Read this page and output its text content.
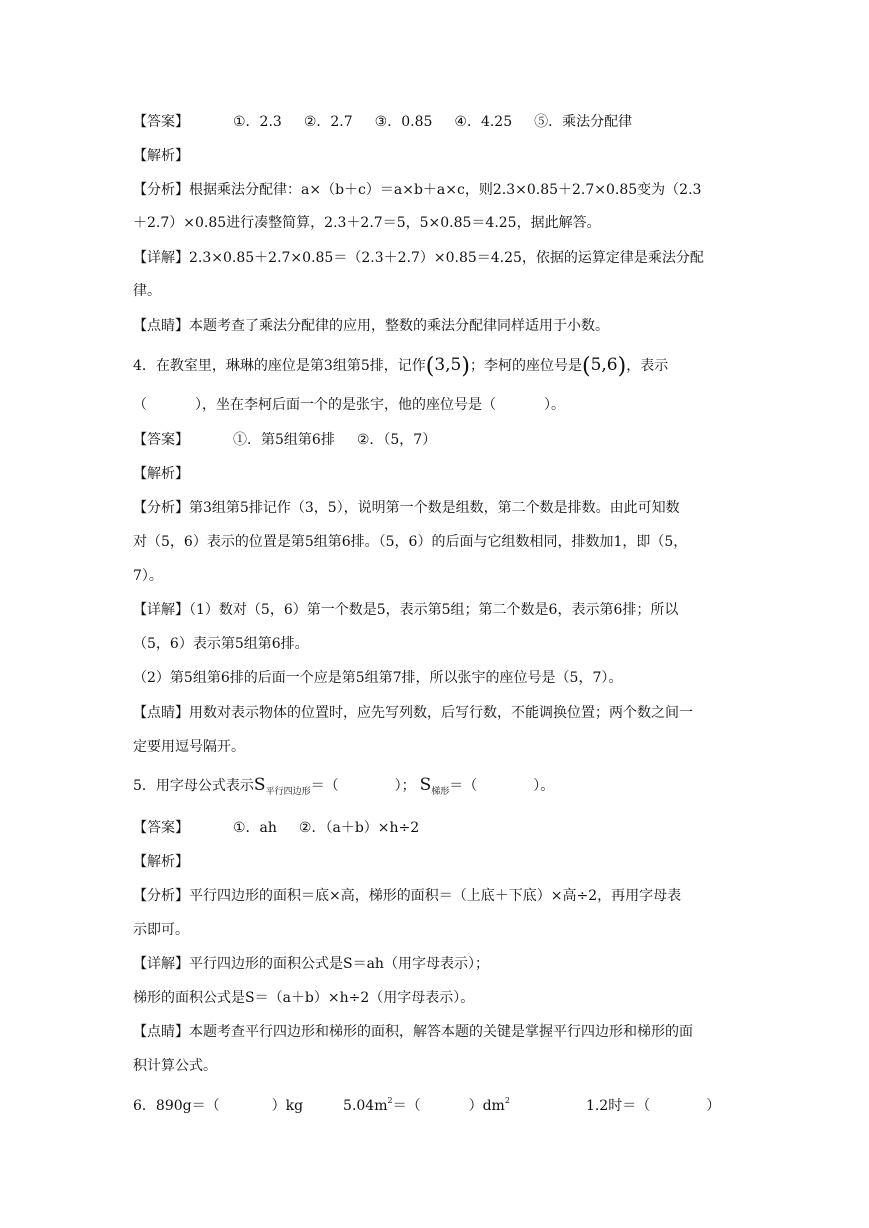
【答案】	①．2.3 ②．2.7 ③．0.85 ④．4.25 ⑤．乘法分配律
【解析】
【分析】根据乘法分配律：a×（b＋c）＝a×b＋a×c，则2.3×0.85＋2.7×0.85变为（2.3
＋2.7）×0.85进行凑整简算，2.3＋2.7＝5，5×0.85＝4.25，据此解答。
【详解】2.3×0.85＋2.7×0.85＝（2.3＋2.7）×0.85＝4.25，依据的运算定律是乘法分配
律。
【点睛】本题考查了乘法分配律的应用，整数的乘法分配律同样适用于小数。
4．在教室里，琳琳的座位是第3组第5排，记作(3,5)；李柯的座位号是(5,6)，表示
（	），坐在李柯后面一个的是张宇，他的座位号是（	）。
【答案】	①．第5组第6排 ②．（5，7）
【解析】
【分析】第3组第5排记作（3，5），说明第一个数是组数，第二个数是排数。由此可知数
对（5，6）表示的位置是第5组第6排。（5，6）的后面与它组数相同，排数加1，即（5，
7）。
【详解】（1）数对（5，6）第一个数是5，表示第5组；第二个数是6，表示第6排；所以
（5，6）表示第5组第6排。
（2）第5组第6排的后面一个应是第5组第7排，所以张宇的座位号是（5，7）。
【点睛】用数对表示物体的位置时，应先写列数，后写行数，不能调换位置；两个数之间一
定要用逗号隔开。
5．用字母公式表示$S_{平行四边形}=$（	）； $S_{梯形}=$（	）。
【答案】	①．ah ②．（a＋b）×h÷2
【解析】
【分析】平行四边形的面积＝底×高，梯形的面积＝（上底＋下底）×高÷2，再用字母表
示即可。
【详解】平行四边形的面积公式是S＝ah（用字母表示）；
梯形的面积公式是S＝（a＋b）×h÷2（用字母表示）。
【点睛】本题考查平行四边形和梯形的面积，解答本题的关键是掌握平行四边形和梯形的面
积计算公式。
6．890g＝（	）kg	$5.04m^2=$（	）$dm^2$	1.2时＝（	）
